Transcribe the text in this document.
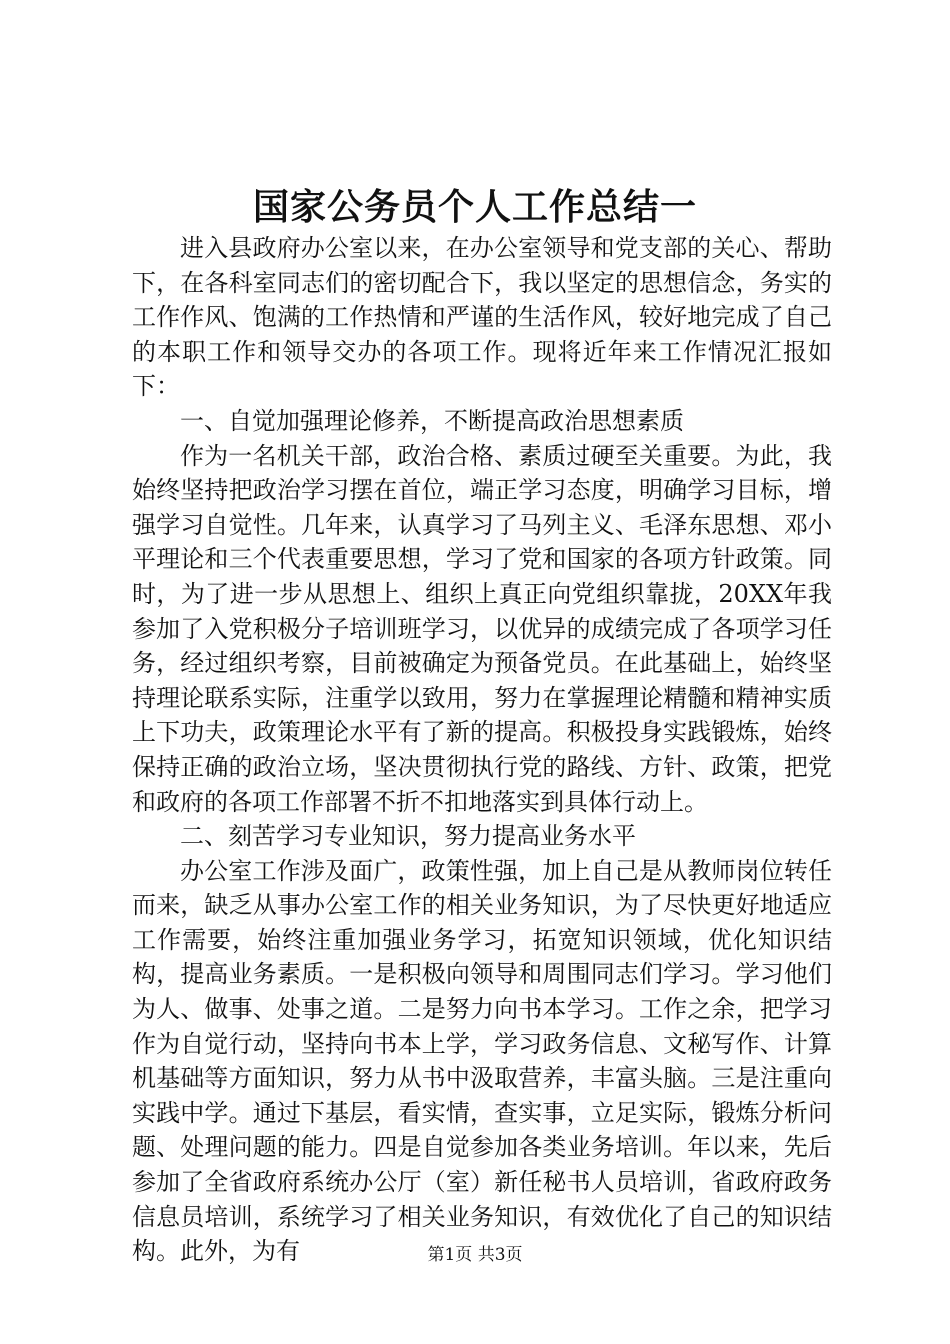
国家公务员个人工作总结一

进入县政府办公室以来，在办公室领导和党支部的关心、帮助下，在各科室同志们的密切配合下，我以坚定的思想信念，务实的工作作风、饱满的工作热情和严谨的生活作风，较好地完成了自己的本职工作和领导交办的各项工作。现将近年来工作情况汇报如下：

一、自觉加强理论修养，不断提高政治思想素质

作为一名机关干部，政治合格、素质过硬至关重要。为此，我始终坚持把政治学习摆在首位，端正学习态度，明确学习目标，增强学习自觉性。几年来，认真学习了马列主义、毛泽东思想、邓小平理论和三个代表重要思想，学习了党和国家的各项方针政策。同时，为了进一步从思想上、组织上真正向党组织靠拢，20XX年我参加了入党积极分子培训班学习，以优异的成绩完成了各项学习任务，经过组织考察，目前被确定为预备党员。在此基础上，始终坚持理论联系实际，注重学以致用，努力在掌握理论精髓和精神实质上下功夫，政策理论水平有了新的提高。积极投身实践锻炼，始终保持正确的政治立场，坚决贯彻执行党的路线、方针、政策，把党和政府的各项工作部署不折不扣地落实到具体行动上。

二、刻苦学习专业知识，努力提高业务水平

办公室工作涉及面广，政策性强，加上自己是从教师岗位转任而来，缺乏从事办公室工作的相关业务知识，为了尽快更好地适应工作需要，始终注重加强业务学习，拓宽知识领域，优化知识结构，提高业务素质。一是积极向领导和周围同志们学习。学习他们为人、做事、处事之道。二是努力向书本学习。工作之余，把学习作为自觉行动，坚持向书本上学，学习政务信息、文秘写作、计算机基础等方面知识，努力从书中汲取营养，丰富头脑。三是注重向实践中学。通过下基层，看实情，查实事，立足实际，锻炼分析问题、处理问题的能力。四是自觉参加各类业务培训。年以来，先后参加了全省政府系统办公厅（室）新任秘书人员培训，省政府政务信息员培训，系统学习了相关业务知识，有效优化了自己的知识结构。此外，为有	第1页 共3页
